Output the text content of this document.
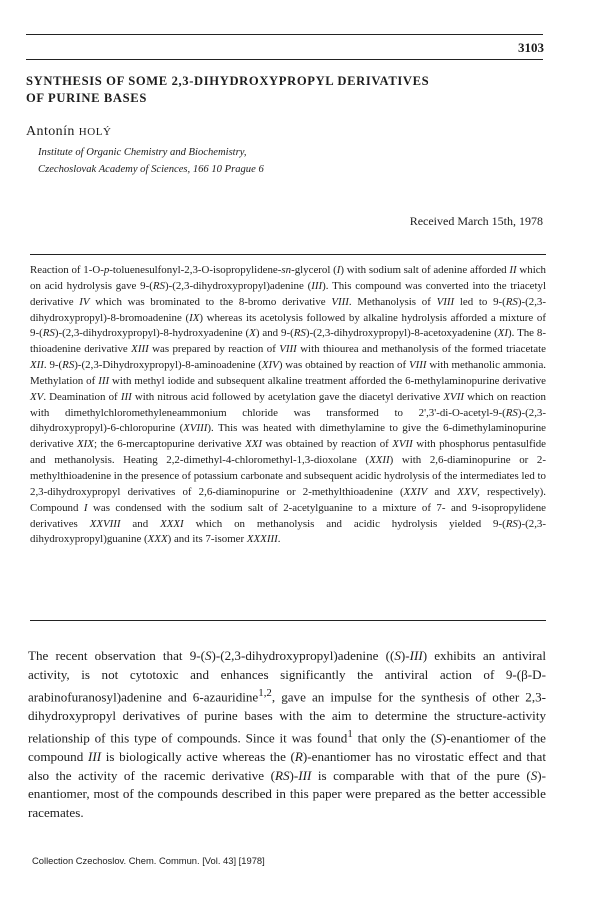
3103
SYNTHESIS OF SOME 2,3-DIHYDROXYPROPYL DERIVATIVES
OF PURINE BASES
Antonín HOLÝ
Institute of Organic Chemistry and Biochemistry,
Czechoslovak Academy of Sciences, 166 10 Prague 6
Received March 15th, 1978

Reaction of 1-O-p-toluenesulfonyl-2,3-O-isopropylidene-sn-glycerol (I) with sodium salt of adenine afforded II which on acid hydrolysis gave 9-(RS)-(2,3-dihydroxypropyl)adenine (III). This compound was converted into the triacetyl derivative IV which was brominated to the 8-bromo derivative VIII. Methanolysis of VIII led to 9-(RS)-(2,3-dihydroxypropyl)-8-bromoadenine (IX) whereas its acetolysis followed by alkaline hydrolysis afforded a mixture of 9-(RS)-(2,3-dihydroxypropyl)-8-hydroxyadenine (X) and 9-(RS)-(2,3-dihydroxypropyl)-8-acetoxyadenine (XI). The 8-thioadenine derivative XIII was prepared by reaction of VIII with thiourea and methanolysis of the formed triacetate XII. 9-(RS)-(2,3-Dihydroxypropyl)-8-aminoadenine (XIV) was obtained by reaction of VIII with methanolic ammonia. Methylation of III with methyl iodide and subsequent alkaline treatment afforded the 6-methylaminopurine derivative XV. Deamination of III with nitrous acid followed by acetylation gave the diacetyl derivative XVII which on reaction with dimethylchloromethyleneammonium chloride was transformed to 2',3'-di-O-acetyl-9-(RS)-(2,3-dihydroxypropyl)-6-chloropurine (XVIII). This was heated with dimethylamine to give the 6-dimethylaminopurine derivative XIX; the 6-mercaptopurine derivative XXI was obtained by reaction of XVII with phosphorus pentasulfide and methanolysis. Heating 2,2-dimethyl-4-chloromethyl-1,3-dioxolane (XXII) with 2,6-diaminopurine or 2-methylthioadenine in the presence of potassium carbonate and subsequent acidic hydrolysis of the intermediates led to 2,3-dihydroxypropyl derivatives of 2,6-diaminopurine or 2-methylthioadenine (XXIV and XXV, respectively). Compound I was condensed with the sodium salt of 2-acetylguanine to a mixture of 7- and 9-isopropylidene derivatives XXVIII and XXXI which on methanolysis and acidic hydrolysis yielded 9-(RS)-(2,3-dihydroxypropyl)guanine (XXX) and its 7-isomer XXXIII.

The recent observation that 9-(S)-(2,3-dihydroxypropyl)adenine ((S)-III) exhibits an antiviral activity, is not cytotoxic and enhances significantly the antiviral action of 9-(β-D-arabinofuranosyl)adenine and 6-azauridine$^{1,2}$, gave an impulse for the synthesis of other 2,3-dihydroxypropyl derivatives of purine bases with the aim to determine the structure-activity relationship of this type of compounds. Since it was found$^1$ that only the (S)-enantiomer of the compound III is biologically active whereas the (R)-enantiomer has no virostatic effect and that also the activity of the racemic derivative (RS)-III is comparable with that of the pure (S)-enantiomer, most of the compounds described in this paper were prepared as the better accessible racemates.

Collection Czechoslov. Chem. Commun. [Vol. 43] [1978]
